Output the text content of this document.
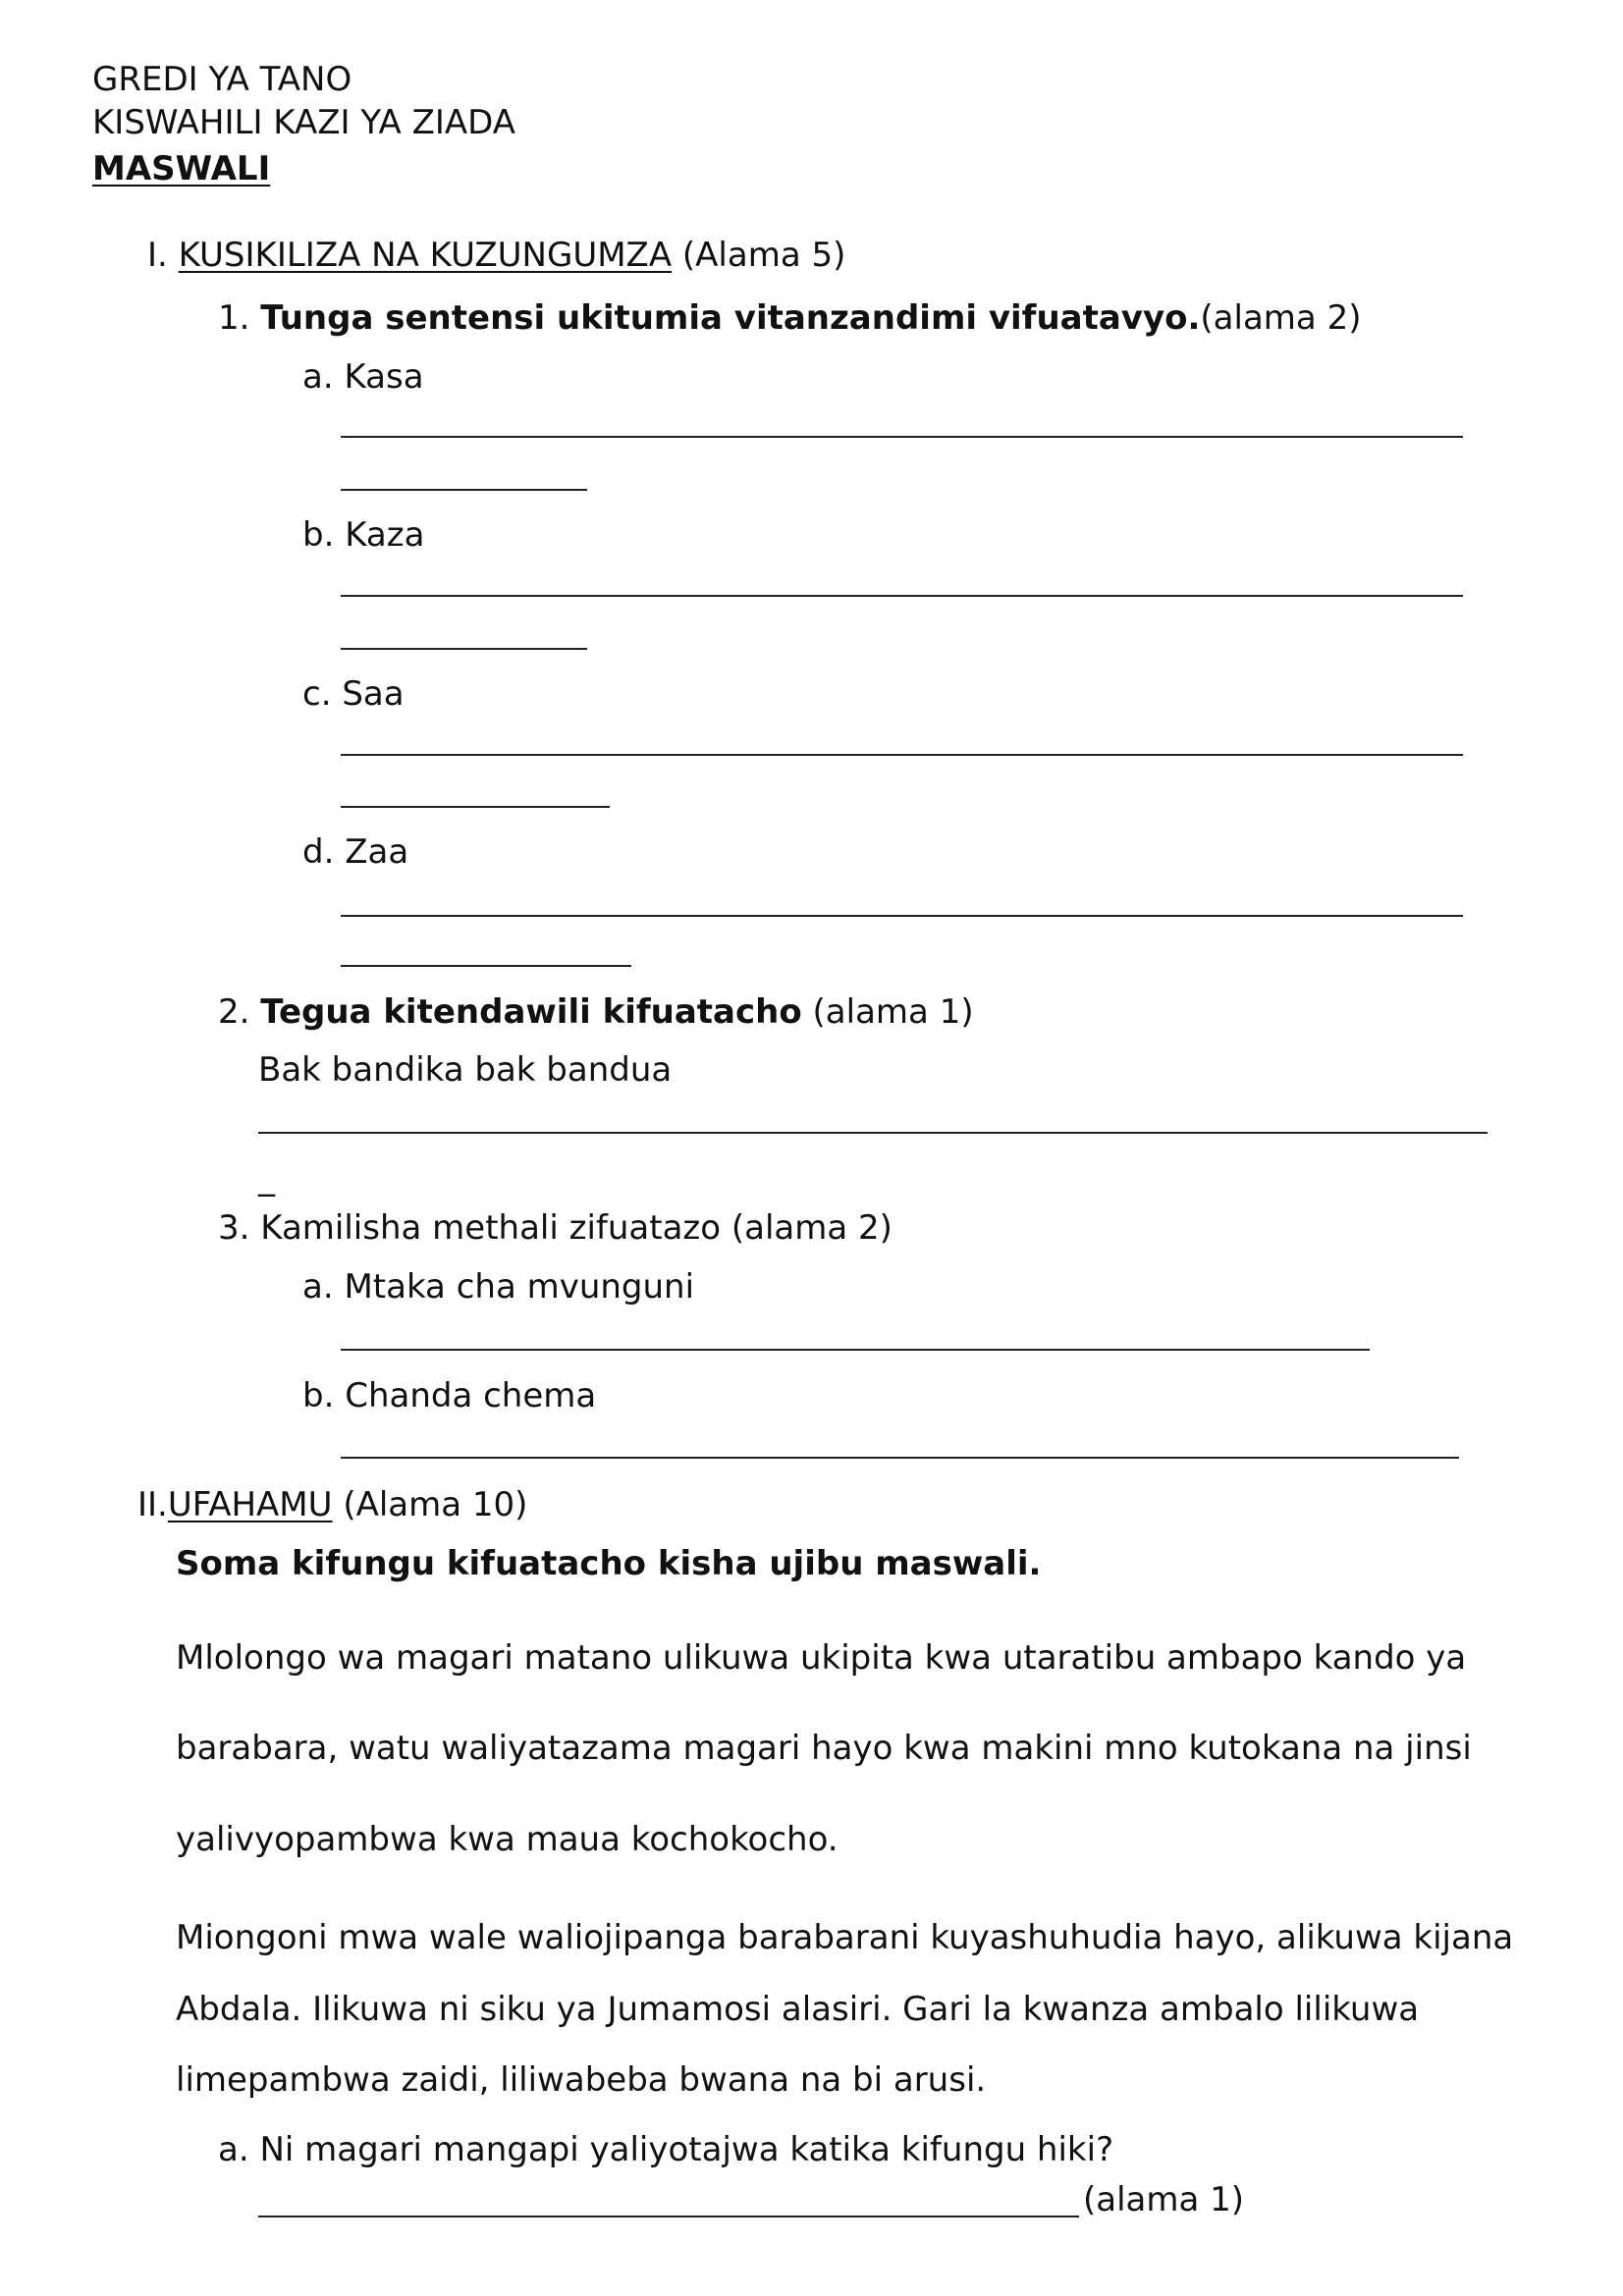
GREDI YA TANO
KISWAHILI KAZI YA ZIADA
MASWALI
I. KUSIKILIZA NA KUZUNGUMZA (Alama 5)
1. Tunga sentensi ukitumia vitanzandimi vifuatavyo.(alama 2)
a. Kasa
b. Kaza
c. Saa
d. Zaa
2. Tegua kitendawili kifuatacho (alama 1)
Bak bandika bak bandua
_
3. Kamilisha methali zifuatazo (alama 2)
a. Mtaka cha mvunguni
b. Chanda chema
II.UFAHAMU (Alama 10)
Soma kifungu kifuatacho kisha ujibu maswali.
Mlolongo wa magari matano ulikuwa ukipita kwa utaratibu ambapo kando ya
barabara, watu waliyatazama magari hayo kwa makini mno kutokana na jinsi
yalivyopambwa kwa maua kochokocho.
Miongoni mwa wale waliojipanga barabarani kuyashuhudia hayo, alikuwa kijana
Abdala. Ilikuwa ni siku ya Jumamosi alasiri. Gari la kwanza ambalo lilikuwa
limepambwa zaidi, liliwabeba bwana na bi arusi.
a. Ni magari mangapi yaliyotajwa katika kifungu hiki?
(alama 1)
